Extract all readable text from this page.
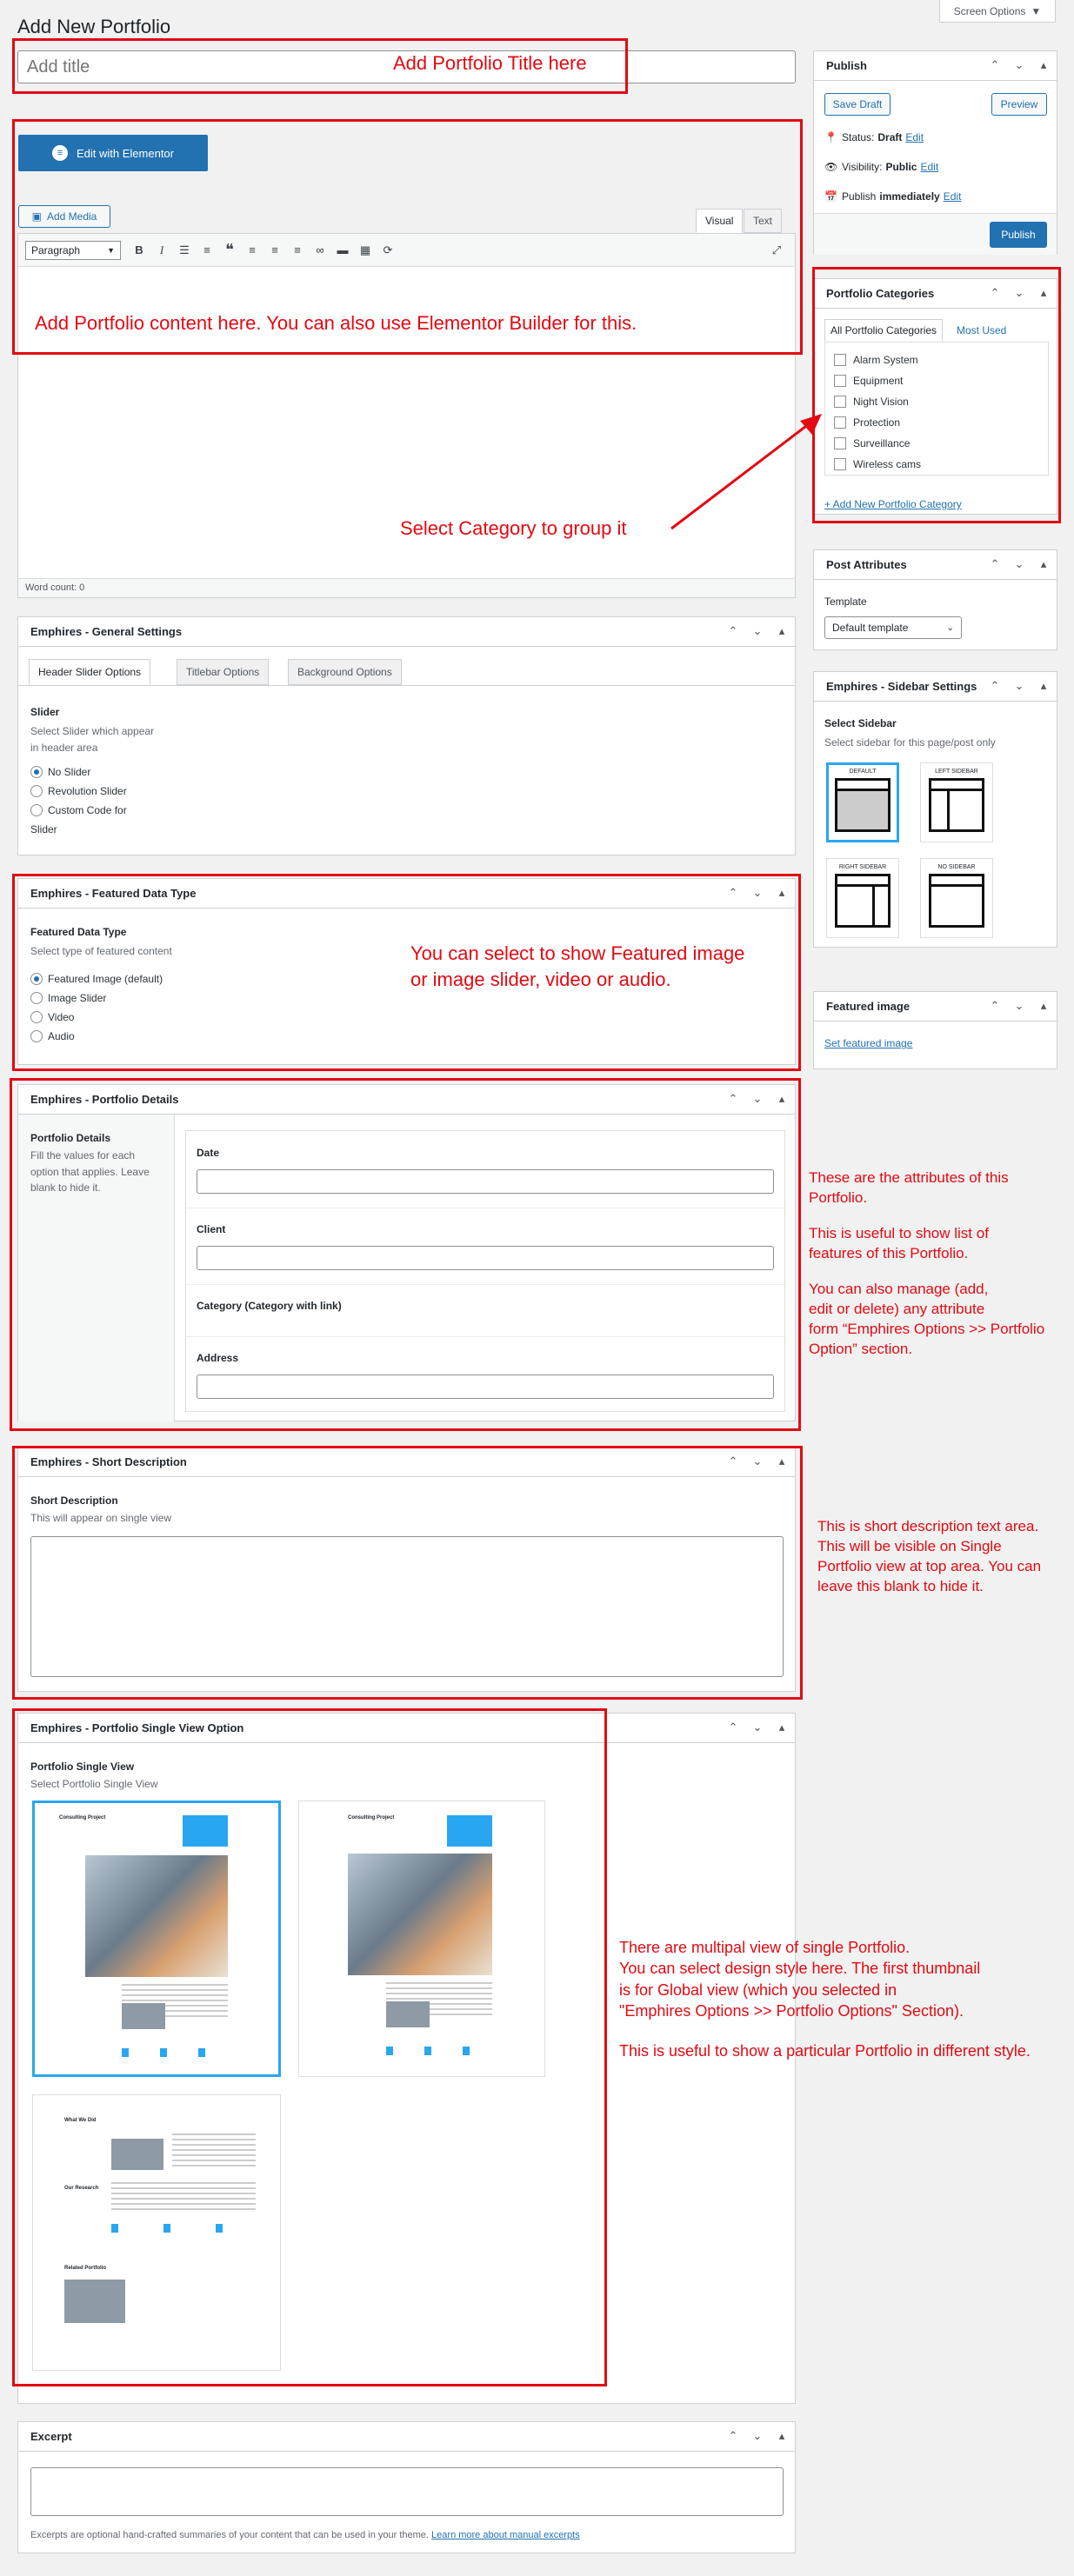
Add New Portfolio
Screen Options ▼
Add title
≡	Edit with Elementor
▣ Add Media	Visual	Text
Paragraph	▼	B	I	☰	≡ ❝	≡	≡	≡	∞	▬	▦	⟳	⤢
Word count: 0
Emphires - General Settings	⌃ ⌄ ▴
Header Slider Options	Titlebar Options	Background Options
Slider
Select Slider which appear
in header area
No Slider
Revolution Slider
Custom Code for
Slider
Emphires - Featured Data Type	⌃ ⌄ ▴
Featured Data Type
Select type of featured content
Featured Image (default)
Image Slider
Video
Audio
Emphires - Portfolio Details	⌃ ⌄ ▴
Portfolio Details
Fill the values for each
option that applies. Leave
blank to hide it.
Date
Client
Category (Category with link)
Address
Emphires - Short Description	⌃ ⌄ ▴
Short Description
This will appear on single view
Emphires - Portfolio Single View Option	⌃ ⌄ ▴
Portfolio Single View
Select Portfolio Single View
Consulting Project	Consulting Project
What We Did
Our Research
Related Portfolio
Excerpt	⌃ ⌄ ▴
Excerpts are optional hand-crafted summaries of your content that can be used in your theme. Learn more about manual excerpts
Publish	⌃ ⌄ ▴
Save Draft	Preview
📍 Status: Draft Edit
👁 Visibility: Public Edit
📅 Publish immediately Edit
Publish
Portfolio Categories	⌃ ⌄ ▴
All Portfolio Categories	Most Used
Alarm System
Equipment
Night Vision
Protection
Surveillance
Wireless cams
+ Add New Portfolio Category
Post Attributes	⌃ ⌄ ▴
Template
Default template	⌄
Emphires - Sidebar Settings ⌃ ⌄ ▴
Select Sidebar
Select sidebar for this page/post only
DEFAULT	LEFT SIDEBAR
RIGHT SIDEBAR	NO SIDEBAR
Featured image	⌃ ⌄ ▴
Set featured image
Add Portfolio Title here
Add Portfolio content here. You can also use Elementor Builder for this.
Select Category to group it
You can select to show Featured image
or image slider, video or audio.
These are the attributes of this
Portfolio.
This is useful to show list of
features of this Portfolio.
You can also manage (add,
edit or delete) any attribute
form “Emphires Options >> Portfolio
Option” section.
This is short description text area.
This will be visible on Single
Portfolio view at top area. You can
leave this blank to hide it.
There are multipal view of single Portfolio.
You can select design style here. The first thumbnail
is for Global view (which you selected in
"Emphires Options >> Portfolio Options" Section).
This is useful to show a particular Portfolio in different style.
